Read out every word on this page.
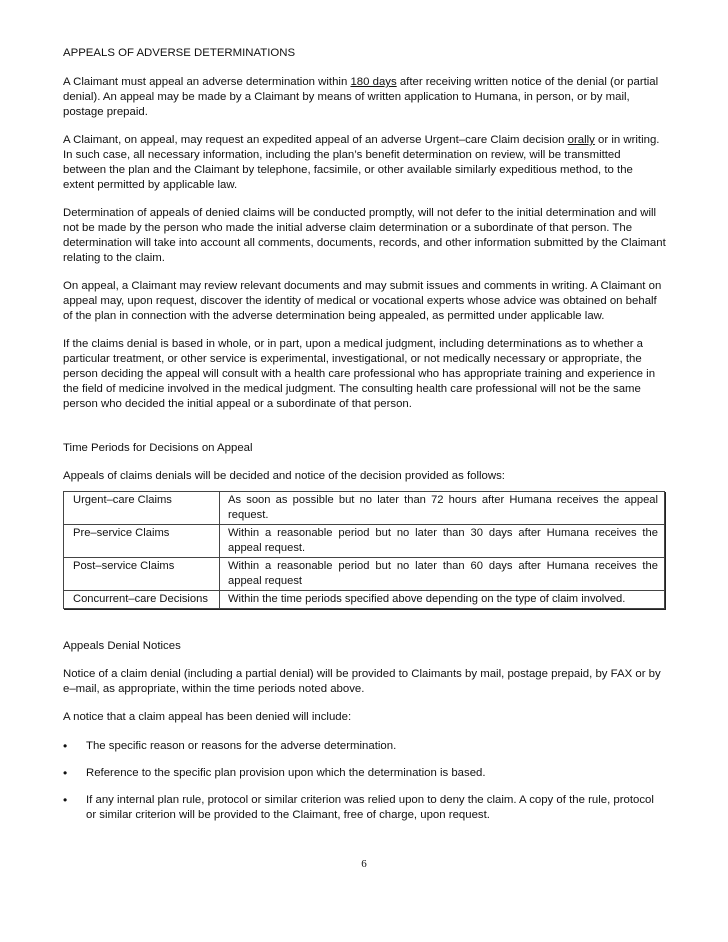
APPEALS OF ADVERSE DETERMINATIONS

A Claimant must appeal an adverse determination within 180 days after receiving written notice of the denial (or partial denial). An appeal may be made by a Claimant by means of written application to Humana, in person, or by mail, postage prepaid.

A Claimant, on appeal, may request an expedited appeal of an adverse Urgent–care Claim decision orally or in writing. In such case, all necessary information, including the plan’s benefit determination on review, will be transmitted between the plan and the Claimant by telephone, facsimile, or other available similarly expeditious method, to the extent permitted by applicable law.

Determination of appeals of denied claims will be conducted promptly, will not defer to the initial determination and will not be made by the person who made the initial adverse claim determination or a subordinate of that person. The determination will take into account all comments, documents, records, and other information submitted by the Claimant relating to the claim.

On appeal, a Claimant may review relevant documents and may submit issues and comments in writing. A Claimant on appeal may, upon request, discover the identity of medical or vocational experts whose advice was obtained on behalf of the plan in connection with the adverse determination being appealed, as permitted under applicable law.

If the claims denial is based in whole, or in part, upon a medical judgment, including determinations as to whether a particular treatment, or other service is experimental, investigational, or not medically necessary or appropriate, the person deciding the appeal will consult with a health care professional who has appropriate training and experience in the field of medicine involved in the medical judgment. The consulting health care professional will not be the same person who decided the initial appeal or a subordinate of that person.

Time Periods for Decisions on Appeal

Appeals of claims denials will be decided and notice of the decision provided as follows:

Urgent–care Claims	As soon as possible but no later than 72 hours after Humana receives the appeal request.
Pre–service Claims	Within a reasonable period but no later than 30 days after Humana receives the appeal request.
Post–service Claims	Within a reasonable period but no later than 60 days after Humana receives the appeal request
Concurrent–care Decisions	Within the time periods specified above depending on the type of claim involved.

Appeals Denial Notices

Notice of a claim denial (including a partial denial) will be provided to Claimants by mail, postage prepaid, by FAX or by e–mail, as appropriate, within the time periods noted above.

A notice that a claim appeal has been denied will include:

•	The specific reason or reasons for the adverse determination.
•	Reference to the specific plan provision upon which the determination is based.
•	If any internal plan rule, protocol or similar criterion was relied upon to deny the claim. A copy of the rule, protocol or similar criterion will be provided to the Claimant, free of charge, upon request.
6
